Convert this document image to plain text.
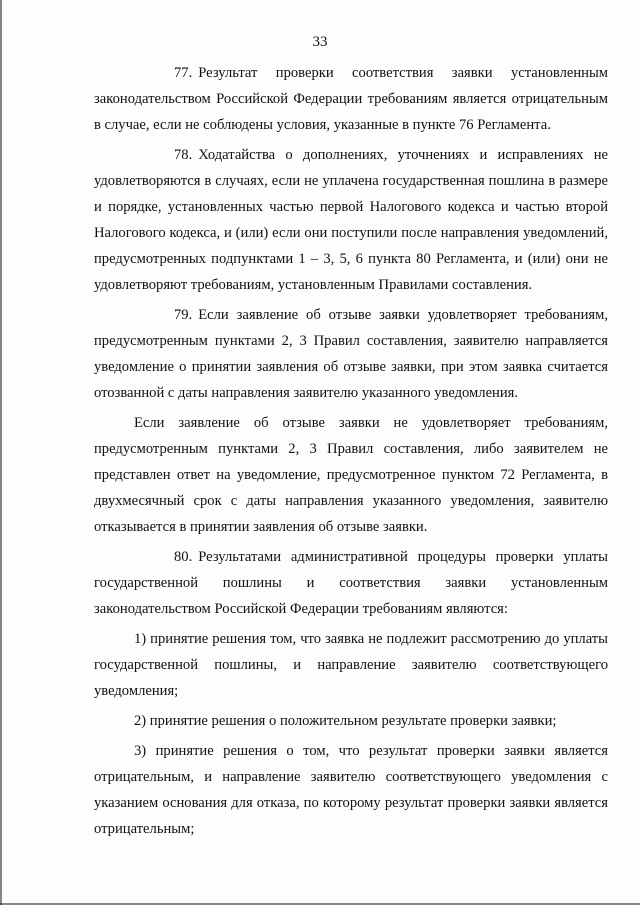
33

77. Результат проверки соответствия заявки установленным законодательством Российской Федерации требованиям является отрицательным в случае, если не соблюдены условия, указанные в пункте 76 Регламента.

78. Ходатайства о дополнениях, уточнениях и исправлениях не удовлетворяются в случаях, если не уплачена государственная пошлина в размере и порядке, установленных частью первой Налогового кодекса и частью второй Налогового кодекса, и (или) если они поступили после направления уведомлений, предусмотренных подпунктами 1 – 3, 5, 6 пункта 80 Регламента, и (или) они не удовлетворяют требованиям, установленным Правилами составления.

79. Если заявление об отзыве заявки удовлетворяет требованиям, предусмотренным пунктами 2, 3 Правил составления, заявителю направляется уведомление о принятии заявления об отзыве заявки, при этом заявка считается отозванной с даты направления заявителю указанного уведомления.

Если заявление об отзыве заявки не удовлетворяет требованиям, предусмотренным пунктами 2, 3 Правил составления, либо заявителем не представлен ответ на уведомление, предусмотренное пунктом 72 Регламента, в двухмесячный срок с даты направления указанного уведомления, заявителю отказывается в принятии заявления об отзыве заявки.

80. Результатами административной процедуры проверки уплаты государственной пошлины и соответствия заявки установленным законодательством Российской Федерации требованиям являются:

1) принятие решения том, что заявка не подлежит рассмотрению до уплаты государственной пошлины, и направление заявителю соответствующего уведомления;

2) принятие решения о положительном результате проверки заявки;

3) принятие решения о том, что результат проверки заявки является отрицательным, и направление заявителю соответствующего уведомления с указанием основания для отказа, по которому результат проверки заявки является отрицательным;
